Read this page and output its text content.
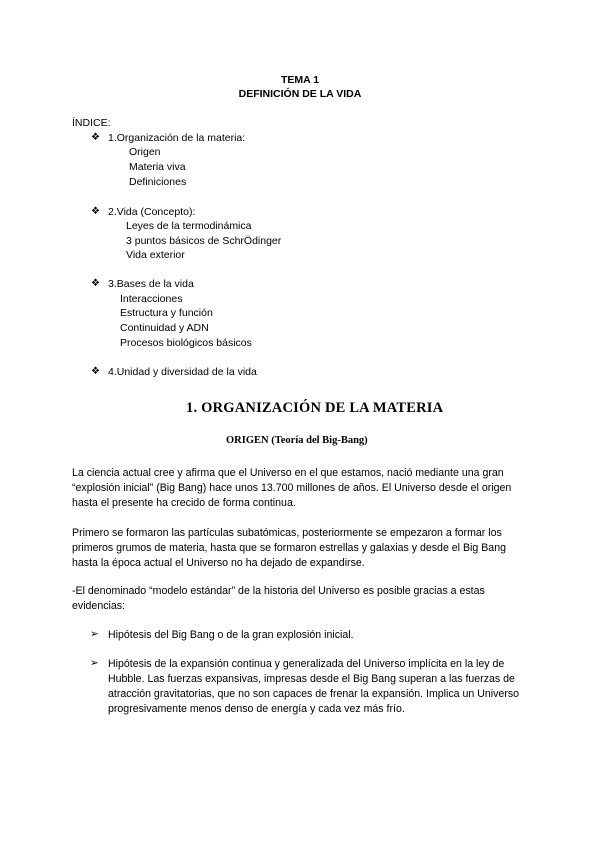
TEMA 1
DEFINICIÓN DE LA VIDA
ÍNDICE:
❖ 1.Organización de la materia:
Origen
Materia viva
Definiciones
❖ 2.Vida (Concepto):
Leyes de la termodinámica
3 puntos básicos de SchrÖdinger
Vida exterior
❖ 3.Bases de la vida
Interacciones
Estructura y función
Continuidad y ADN
Procesos biológicos básicos
❖ 4.Unidad y diversidad de la vida
1. ORGANIZACIÓN DE LA MATERIA
ORIGEN (Teoría del Big-Bang)

La ciencia actual cree y afirma que el Universo en el que estamos, nació mediante una gran “explosión inicial” (Big Bang) hace unos 13.700 millones de años. El Universo desde el origen hasta el presente ha crecido de forma continua.

Primero se formaron las partículas subatómicas, posteriormente se empezaron a formar los primeros grumos de materia, hasta que se formaron estrellas y galaxias y desde el Big Bang hasta la época actual el Universo no ha dejado de expandirse.

-El denominado “modelo estándar” de la historia del Universo es posible gracias a estas evidencias:

➢ Hipótesis del Big Bang o de la gran explosión inicial.
➢ Hipótesis de la expansión continua y generalizada del Universo implícita en la ley de Hubble. Las fuerzas expansivas, impresas desde el Big Bang superan a las fuerzas de atracción gravitatorias, que no son capaces de frenar la expansión. Implica un Universo progresivamente menos denso de energía y cada vez más frío.
